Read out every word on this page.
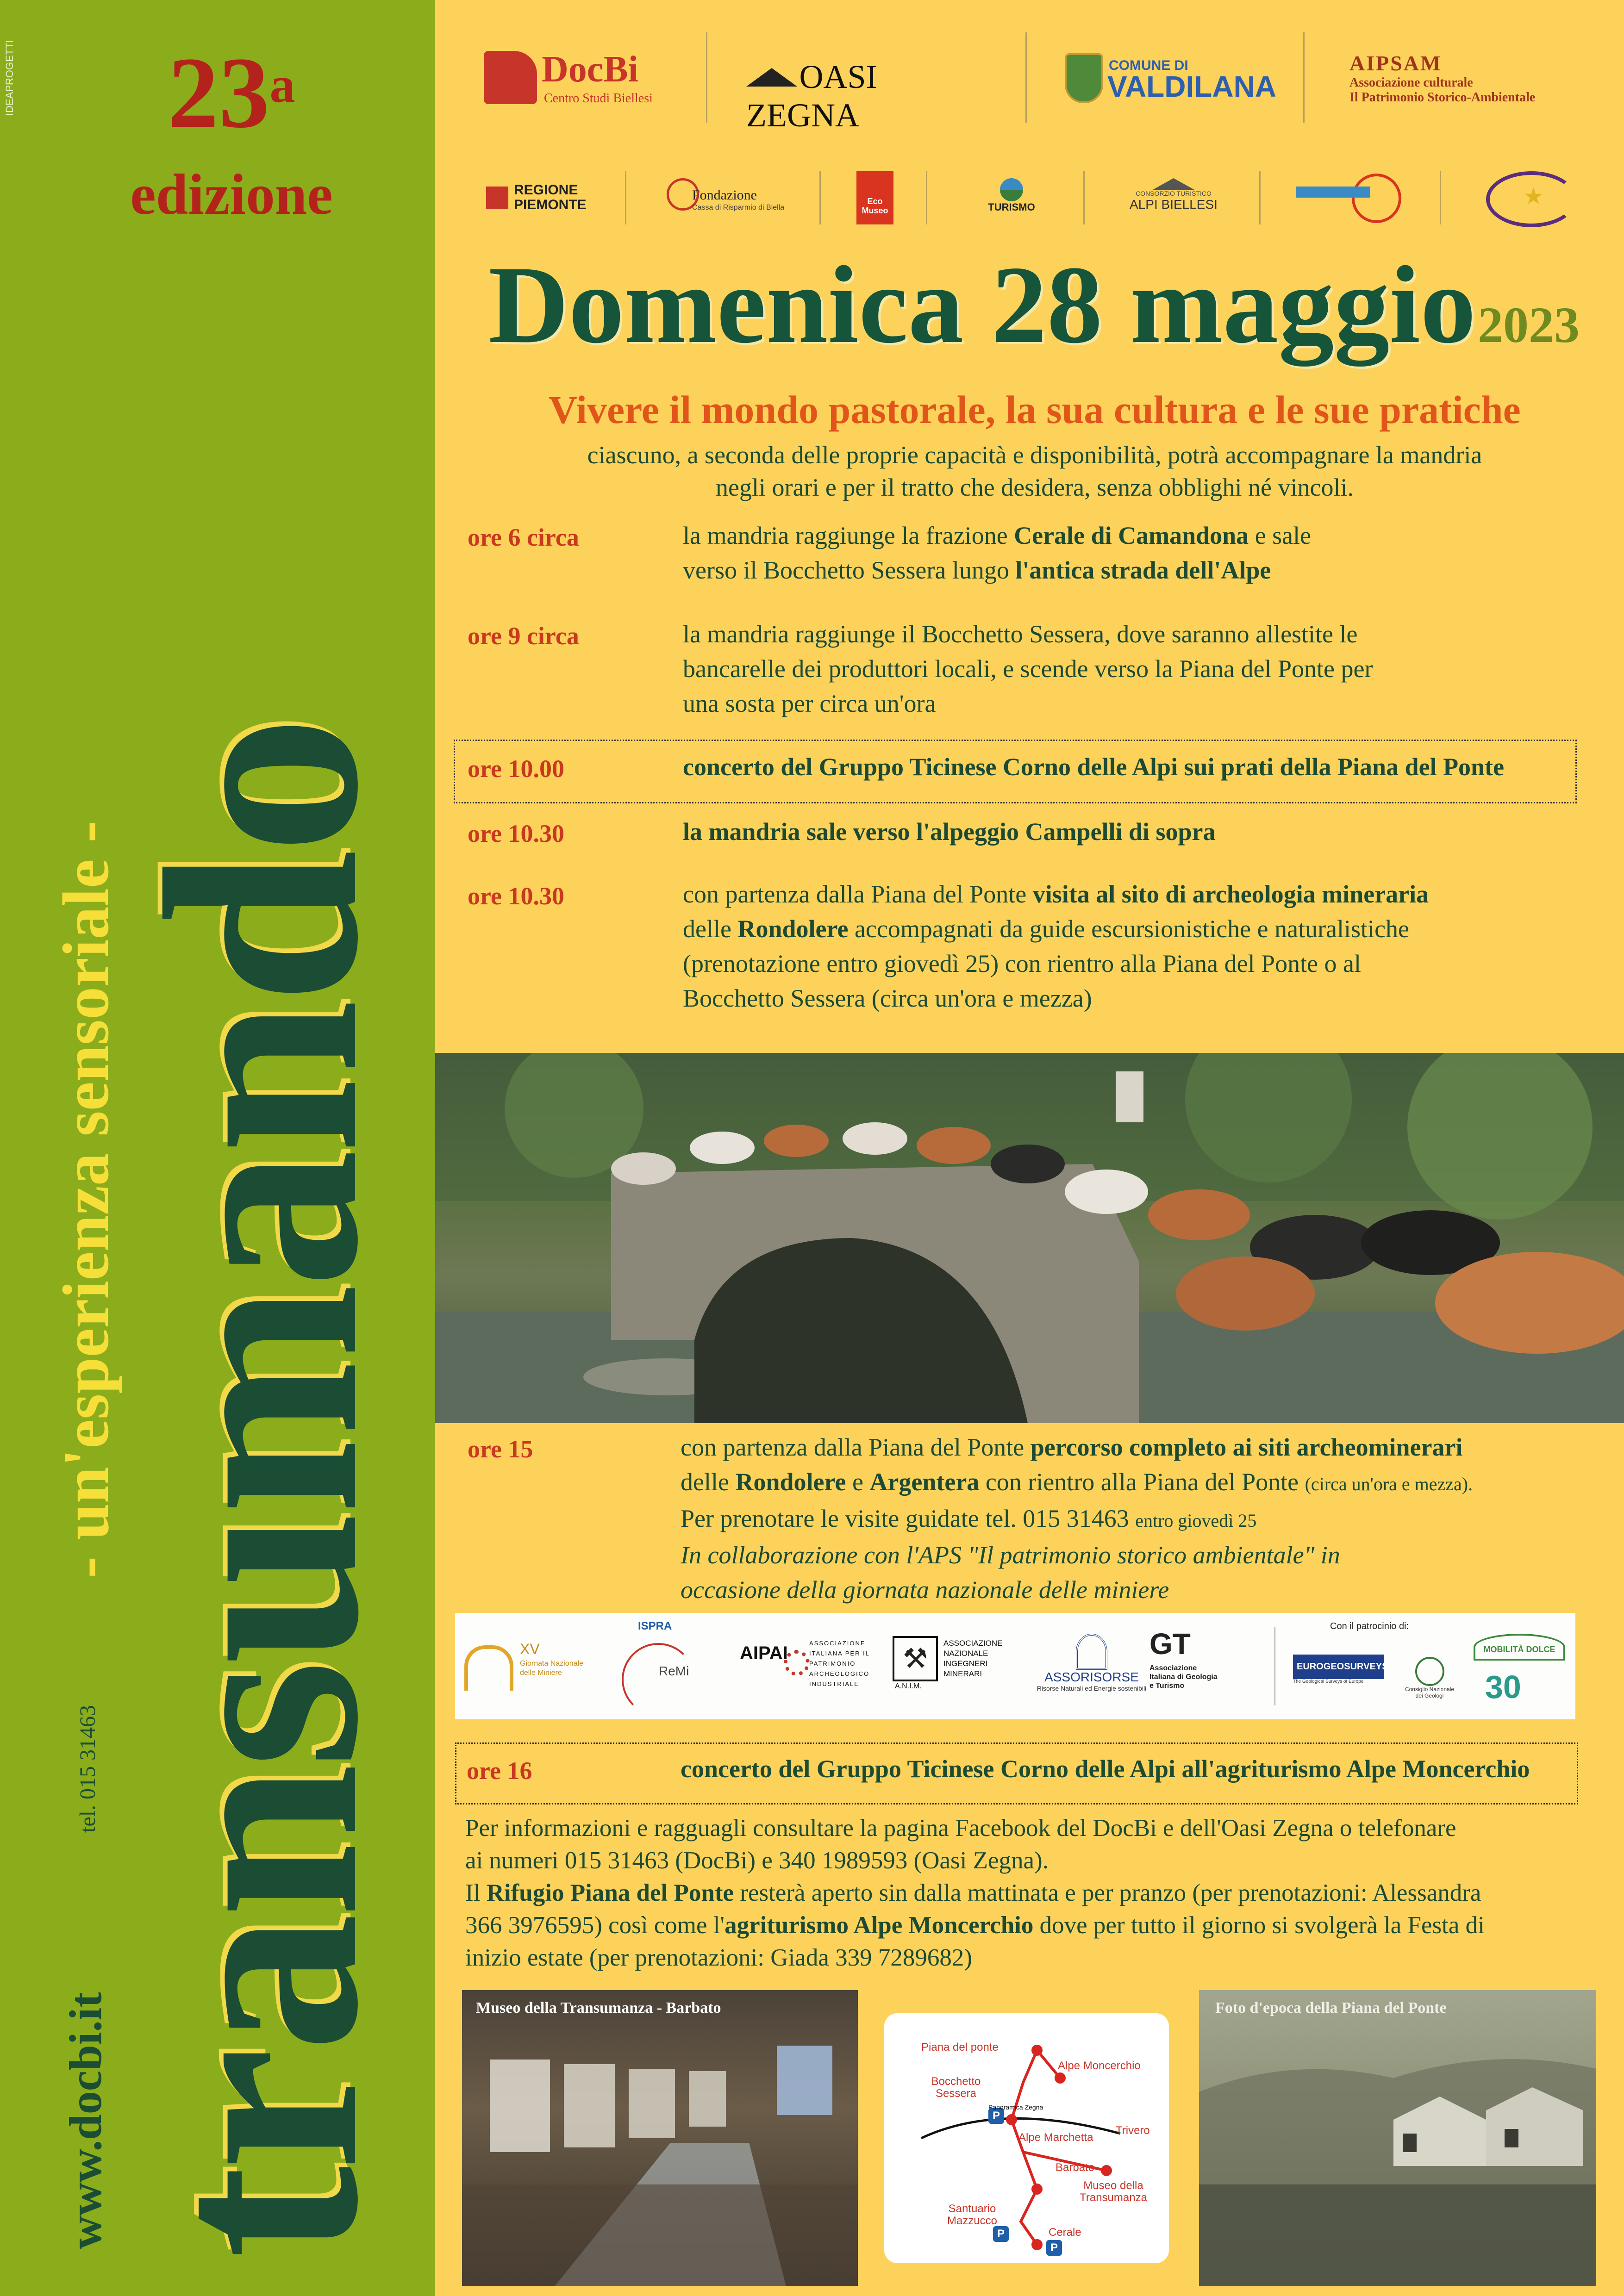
IDEAPROGETTI	23a
edizione
transumando
- un'esperienza sensoriale -
www.docbi.it
tel. 015 31463
DocBi
Centro Studi Biellesi
OASI ZEGNA
COMUNE DI
VALDILANA
AIPSAM
Associazione culturale
Il Patrimonio Storico-Ambientale
REGIONE PIEMONTE
Fondazione
Cassa di Risparmio di Biella
Eco Museo	TURISMO
CONSORZIO TURISTICO
ALPI BIELLESI	★
Domenica 28 maggio 2023
Vivere il mondo pastorale, la sua cultura e le sue pratiche
ciascuno, a seconda delle proprie capacità e disponibilità, potrà accompagnare la mandria
negli orari e per il tratto che desidera, senza obblighi né vincoli.
ore 6 circa	la mandria raggiunge la frazione Cerale di Camandona e sale
verso il Bocchetto Sessera lungo l'antica strada dell'Alpe
ore 9 circa	la mandria raggiunge il Bocchetto Sessera, dove saranno allestite le
bancarelle dei produttori locali, e scende verso la Piana del Ponte per
una sosta per circa un'ora
ore 10.00	concerto del Gruppo Ticinese Corno delle Alpi sui prati della Piana del Ponte
ore 10.30	la mandria sale verso l'alpeggio Campelli di sopra
ore 10.30	con partenza dalla Piana del Ponte visita al sito di archeologia mineraria
delle Rondolere accompagnati da guide escursionistiche e naturalistiche
(prenotazione entro giovedì 25) con rientro alla Piana del Ponte o al
Bocchetto Sessera (circa un'ora e mezza)
ore 15	con partenza dalla Piana del Ponte percorso completo ai siti archeominerari
delle Rondolere e Argentera con rientro alla Piana del Ponte (circa un'ora e mezza).
Per prenotare le visite guidate tel. 015 31463 entro giovedì 25
In collaborazione con l'APS "Il patrimonio storico ambientale" in
occasione della giornata nazionale delle miniere
XV
Giornata Nazionale delle Miniere
ISPRA
ReMi
AIPAI	ASSOCIAZIONE ITALIANA PER IL PATRIMONIO ARCHEOLOGICO INDUSTRIALE
⚒
A.N.I.M.
ASSOCIAZIONE NAZIONALE INGEGNERI MINERARI	ASSORISORSE
Risorse Naturali ed Energie sostenibili
GT
Associazione Italiana di Geologia e Turismo
Con il patrocinio di:
EUROGEOSURVEYS
The Geological Surveys of Europe
Consiglio Nazionale dei Geologi
MOBILITÀ DOLCE
30
ore 16	concerto del Gruppo Ticinese Corno delle Alpi all'agriturismo Alpe Moncerchio
Per informazioni e ragguagli consultare la pagina Facebook del DocBi e dell'Oasi Zegna o telefonare
ai numeri 015 31463 (DocBi) e 340 1989593 (Oasi Zegna).
Il Rifugio Piana del Ponte resterà aperto sin dalla mattinata e per pranzo (per prenotazioni: Alessandra
366 3976595) così come l'agriturismo Alpe Moncerchio dove per tutto il giorno si svolgerà la Festa di
inizio estate (per prenotazioni: Giada 339 7289682)
Museo della Transumanza - Barbato
Piana del ponte
Alpe Moncerchio
Bocchetto Sessera
Panoramica Zegna
Alpe Marchetta
Trivero
Barbato
Museo della Transumanza
Santuario Mazzucco
Cerale
P
P
P
Foto d'epoca della Piana del Ponte
